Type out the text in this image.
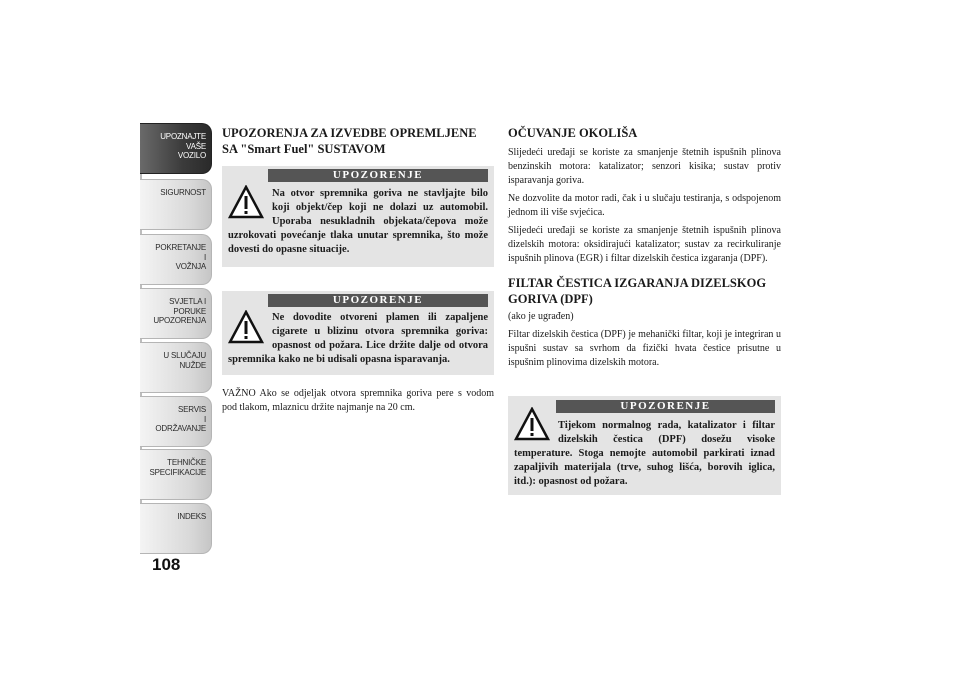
UPOZNAJTE
VAŠE
VOZILO
SIGURNOST
POKRETANJE
I
VOŽNJA
SVJETLA I
PORUKE
UPOZORENJA
U SLUČAJU
NUŽDE
SERVIS
I
ODRŽAVANJE
TEHNIČKE
SPECIFIKACIJE
INDEKS
108
UPOZORENJA ZA IZVEDBE OPREMLJENE SA "Smart Fuel" SUSTAVOM
UPOZORENJE
Na otvor spremnika goriva ne stavljajte bilo koji objekt/čep koji ne dolazi uz automobil. Uporaba nesukladnih objekata/čepova može uzrokovati povećanje tlaka unutar spremnika, što može dovesti do opasne situacije.
UPOZORENJE
Ne dovodite otvoreni plamen ili zapaljene cigarete u blizinu otvora spremnika goriva: opasnost od požara. Lice držite dalje od otvora spremnika kako ne bi udisali opasna isparavanja.

VAŽNO Ako se odjeljak otvora spremnika goriva pere s vodom pod tlakom, mlaznicu držite najmanje na 20 cm.

OČUVANJE OKOLIŠA

Slijedeći uređaji se koriste za smanjenje štetnih ispušnih plinova benzinskih motora: katalizator; senzori kisika; sustav protiv isparavanja goriva.

Ne dozvolite da motor radi, čak i u slučaju testiranja, s odspojenom jednom ili više svjećica.

Slijedeći uređaji se koriste za smanjenje štetnih ispušnih plinova dizelskih motora: oksidirajući katalizator; sustav za recirkuliranje ispušnih plinova (EGR) i filtar dizelskih čestica izgaranja (DPF).

FILTAR ČESTICA IZGARANJA DIZELSKOG GORIVA (DPF)

(ako je ugrađen)

Filtar dizelskih čestica (DPF) je mehanički filtar, koji je integriran u ispušni sustav sa svrhom da fizički hvata čestice prisutne u ispušnim plinovima dizelskih motora.

UPOZORENJE
Tijekom normalnog rada, katalizator i filtar dizelskih čestica (DPF) dosežu visoke temperature. Stoga nemojte automobil parkirati iznad zapaljivih materijala (trve, suhog lišća, borovih iglica, itd.): opasnost od požara.
